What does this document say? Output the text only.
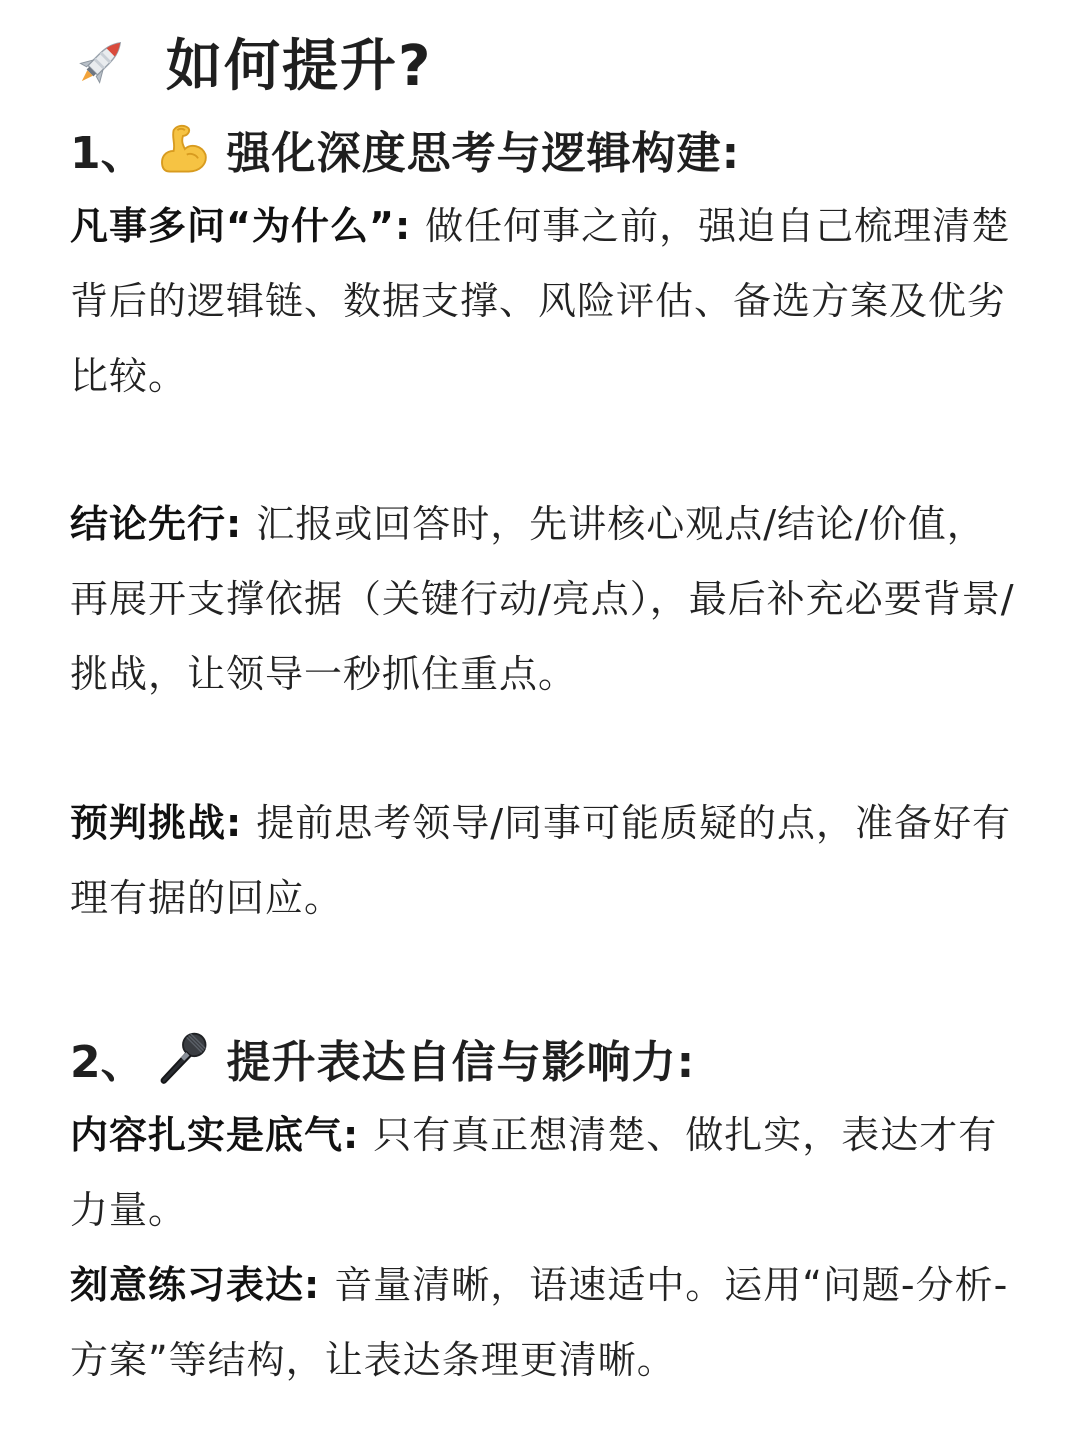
如何提升?
1、 强化深度思考与逻辑构建:
凡事多问“为什么”: 做任何事之前，强迫自己梳理清楚背后的逻辑链、数据支撑、风险评估、备选方案及优劣比较。
结论先行: 汇报或回答时，先讲核心观点/结论/价值，再展开支撑依据（关键行动/亮点），最后补充必要背景/挑战，让领导一秒抓住重点。
预判挑战: 提前思考领导/同事可能质疑的点，准备好有理有据的回应。
2、 提升表达自信与影响力:
内容扎实是底气: 只有真正想清楚、做扎实，表达才有力量。
刻意练习表达: 音量清晰，语速适中。运用“问题-分析-方案”等结构，让表达条理更清晰。
